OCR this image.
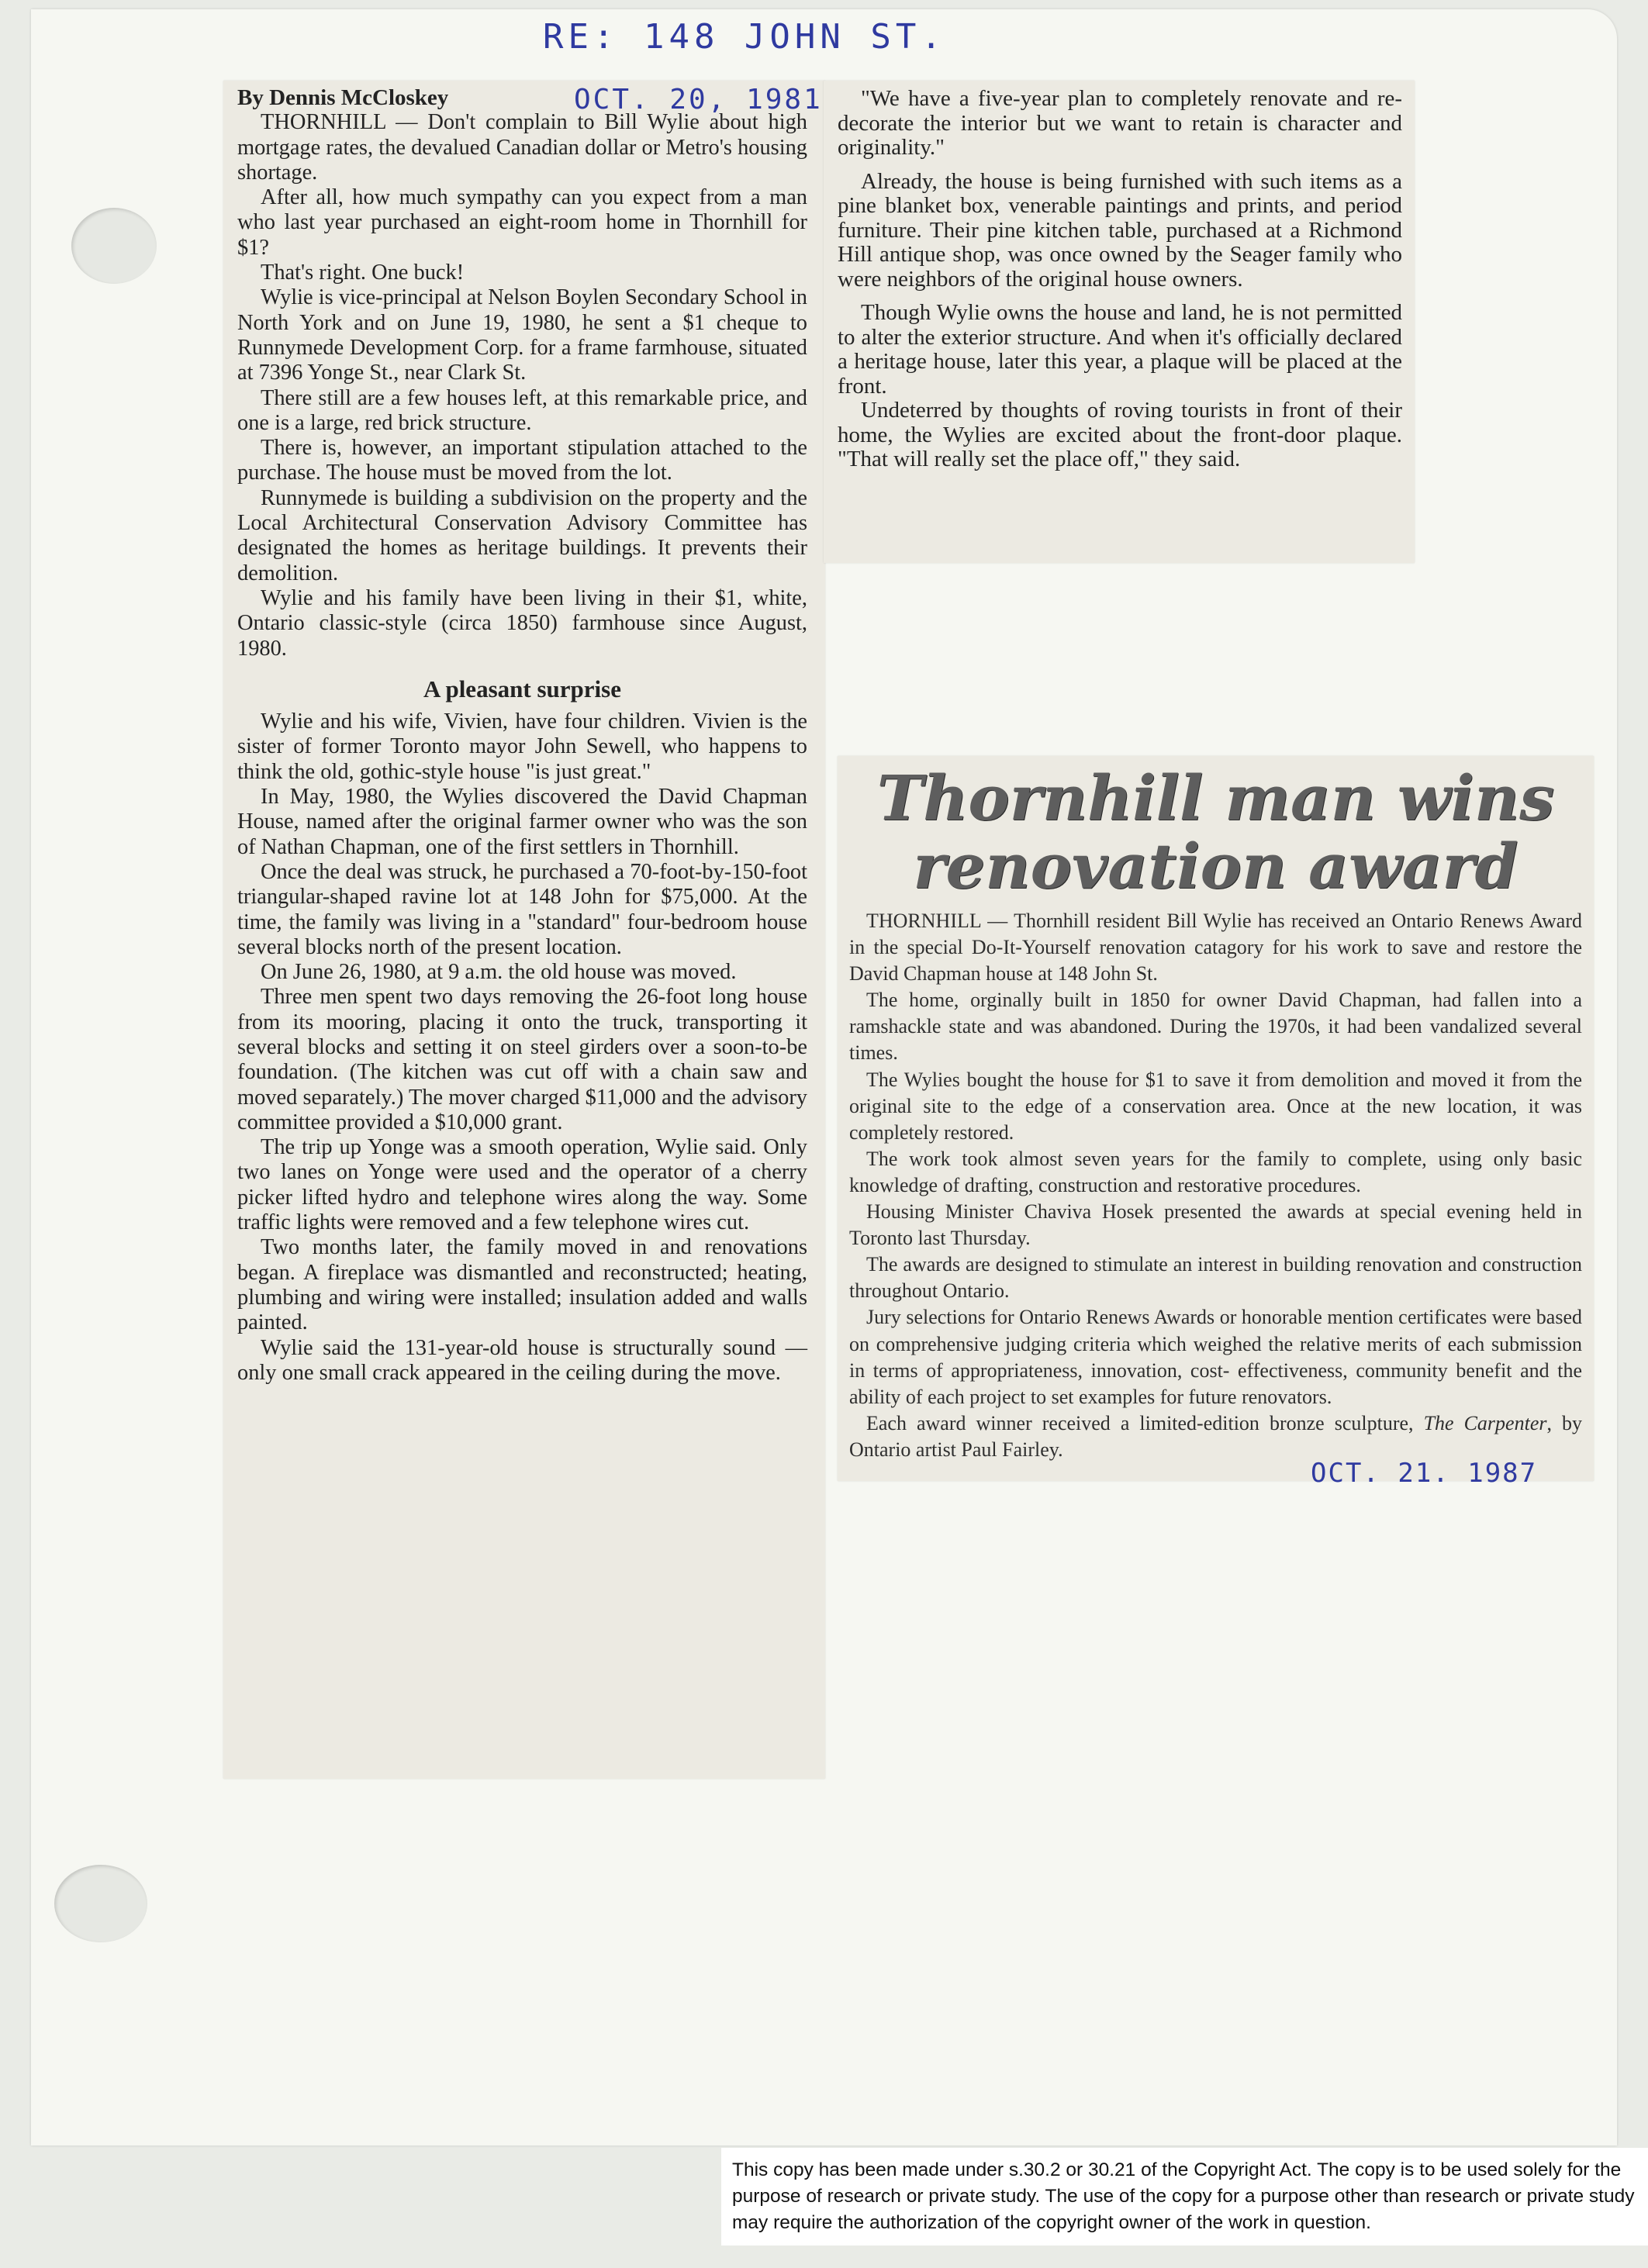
RE: 148 JOHN ST.

By Dennis McCloskey

THORNHILL — Don't complain to Bill Wylie about high mortgage rates, the devalued Canadian dollar or Metro's housing shortage.

After all, how much sympathy can you expect from a man who last year purchased an eight-room home in Thornhill for $1?

That's right. One buck!

Wylie is vice-principal at Nelson Boylen Secondary School in North York and on June 19, 1980, he sent a $1 cheque to Runnymede Development Corp. for a frame farmhouse, situated at 7396 Yonge St., near Clark St.

There still are a few houses left, at this remarkable price, and one is a large, red brick structure.

There is, however, an important stipulation attached to the purchase. The house must be moved from the lot.

Runnymede is building a subdivision on the property and the Local Architectural Conservation Advisory Committee has designated the homes as heritage buildings. It prevents their demolition.

Wylie and his family have been living in their $1, white, Ontario classic-style (circa 1850) farmhouse since August, 1980.

A pleasant surprise

Wylie and his wife, Vivien, have four children. Vivien is the sister of former Toronto mayor John Sewell, who happens to think the old, gothic-style house "is just great."

In May, 1980, the Wylies discovered the David Chapman House, named after the original farmer owner who was the son of Nathan Chapman, one of the first settlers in Thornhill.

Once the deal was struck, he purchased a 70-foot-by-150-foot triangular-shaped ravine lot at 148 John for $75,000. At the time, the family was living in a "standard" four-bedroom house several blocks north of the present location.

On June 26, 1980, at 9 a.m. the old house was moved.

Three men spent two days removing the 26-foot long house from its mooring, placing it onto the truck, transporting it several blocks and setting it on steel girders over a soon-to-be foundation. (The kitchen was cut off with a chain saw and moved separately.) The mover charged $11,000 and the advisory committee provided a $10,000 grant.

The trip up Yonge was a smooth operation, Wylie said. Only two lanes on Yonge were used and the operator of a cherry picker lifted hydro and telephone wires along the way. Some traffic lights were removed and a few telephone wires cut.

Two months later, the family moved in and renovations began. A fireplace was dismantled and reconstructed; heating, plumbing and wiring were installed; insulation added and walls painted.

Wylie said the 131-year-old house is structurally sound — only one small crack appeared in the ceiling during the move.

OCT. 20, 1981	"We have a five-year plan to completely renovate and re-decorate the interior but we want to retain is character and originality."

Already, the house is being furnished with such items as a pine blanket box, venerable paintings and prints, and period furniture. Their pine kitchen table, purchased at a Richmond Hill antique shop, was once owned by the Seager family who were neighbors of the original house owners.

Though Wylie owns the house and land, he is not permitted to alter the exterior structure. And when it's officially declared a heritage house, later this year, a plaque will be placed at the front.

Undeterred by thoughts of roving tourists in front of their home, the Wylies are excited about the front-door plaque. "That will really set the place off," they said.

Thornhill man wins
renovation award

THORNHILL — Thornhill resident Bill Wylie has received an Ontario Renews Award in the special Do-It-Yourself renovation catagory for his work to save and restore the David Chapman house at 148 John St.

The home, orginally built in 1850 for owner David Chapman, had fallen into a ramshackle state and was abandoned. During the 1970s, it had been vandalized several times.

The Wylies bought the house for $1 to save it from demolition and moved it from the original site to the edge of a conservation area. Once at the new location, it was completely restored.

The work took almost seven years for the family to complete, using only basic knowledge of drafting, construction and restorative procedures.

Housing Minister Chaviva Hosek presented the awards at special evening held in Toronto last Thursday.

The awards are designed to stimulate an interest in building renovation and construction throughout Ontario.

Jury selections for Ontario Renews Awards or honorable mention certificates were based on comprehensive judging criteria which weighed the relative merits of each submission in terms of appropriateness, innovation, cost- effectiveness, community benefit and the ability of each project to set examples for future renovators.

Each award winner received a limited-edition bronze sculpture, The Carpenter, by Ontario artist Paul Fairley.

OCT. 21. 1987
This copy has been made under s.30.2 or 30.21 of the Copyright Act. The copy is to be used solely for the purpose of research or private study. The use of the copy for a purpose other than research or private study may require the authorization of the copyright owner of the work in question.
